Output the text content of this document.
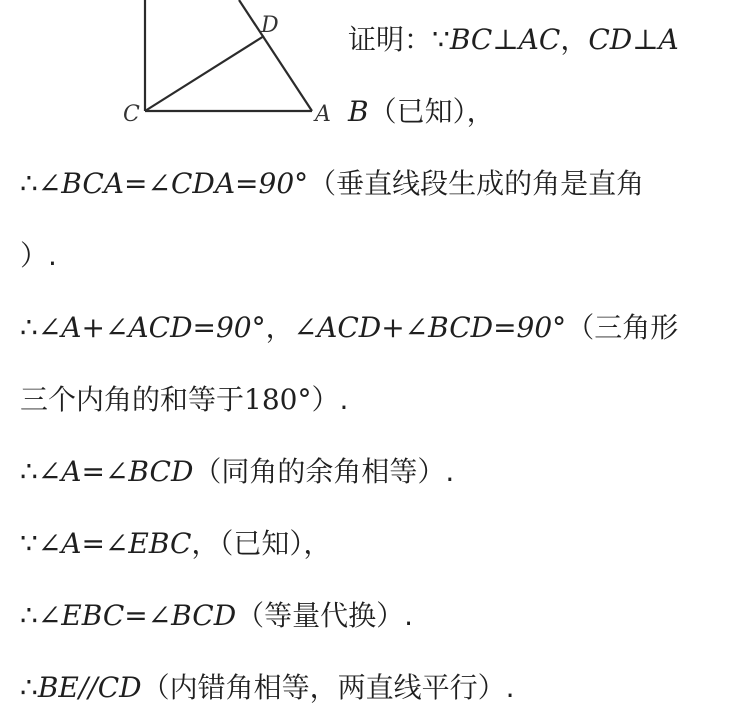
C	A
D 证明：∵BC⊥AC，CD⊥A
B（已知），
∴∠BCA=∠CDA=90°（垂直线段生成的角是直角
）.
∴∠A+∠ACD=90°，∠ACD+∠BCD=90°（三角形
三个内角的和等于180°）.
∴∠A=∠BCD（同角的余角相等）.
∵∠A=∠EBC，（已知），
∴∠EBC=∠BCD（等量代换）.
∴BE//CD（内错角相等，两直线平行）.
